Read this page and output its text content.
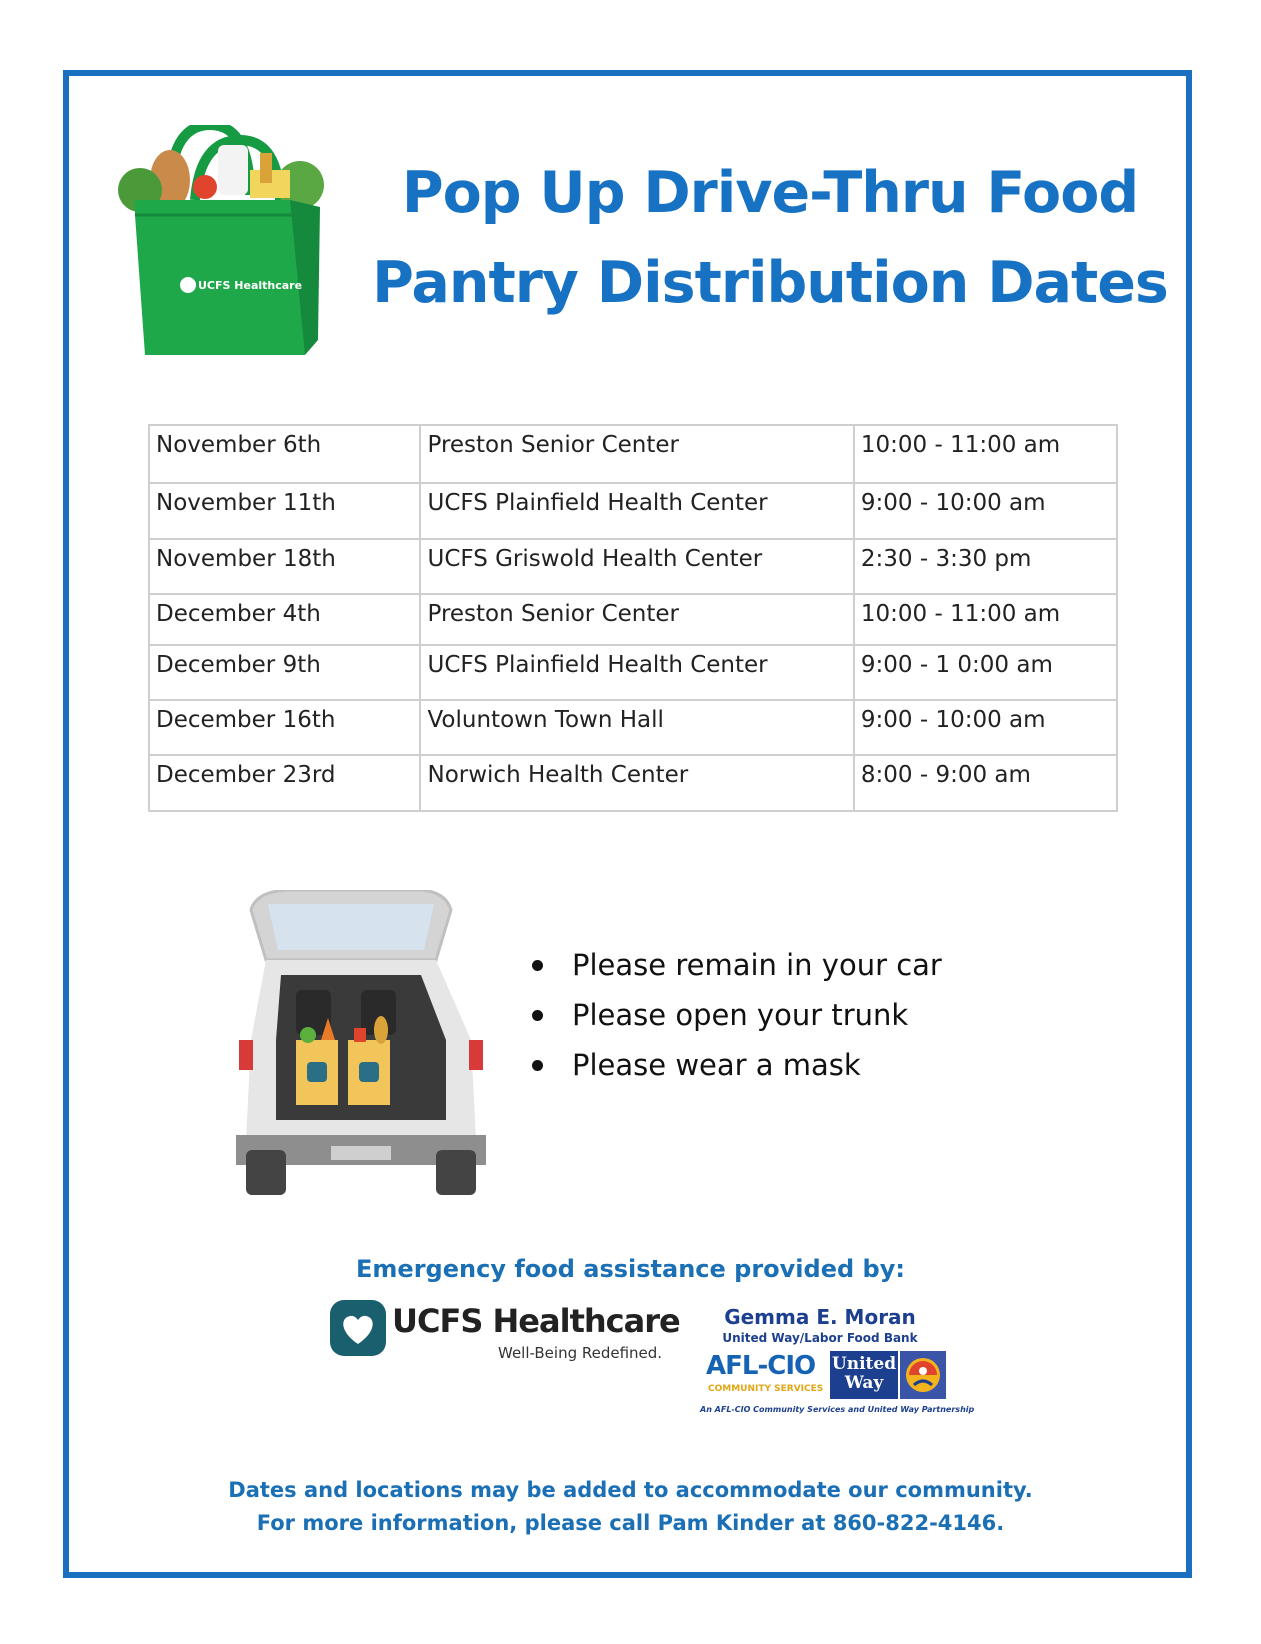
UCFS Healthcare
Pop Up Drive-Thru Food
Pantry Distribution Dates
November 6th	Preston Senior Center	10:00 - 11:00 am
November 11th	UCFS Plainfield Health Center	9:00 - 10:00 am
November 18th	UCFS Griswold Health Center	2:30 - 3:30 pm
December 4th	Preston Senior Center	10:00 - 11:00 am
December 9th	UCFS Plainfield Health Center	9:00 - 1 0:00 am
December 16th	Voluntown Town Hall	9:00 - 10:00 am
December 23rd	Norwich Health Center	8:00 - 9:00 am
Please remain in your car
Please open your trunk
Please wear a mask
Emergency food assistance provided by:
UCFS Healthcare
Well-Being Redefined.
Gemma E. Moran
United Way/Labor Food Bank
AFL-CIO
COMMUNITY SERVICES
United Way
An AFL-CIO Community Services and United Way Partnership
Dates and locations may be added to accommodate our community.
For more information, please call Pam Kinder at 860-822-4146.
